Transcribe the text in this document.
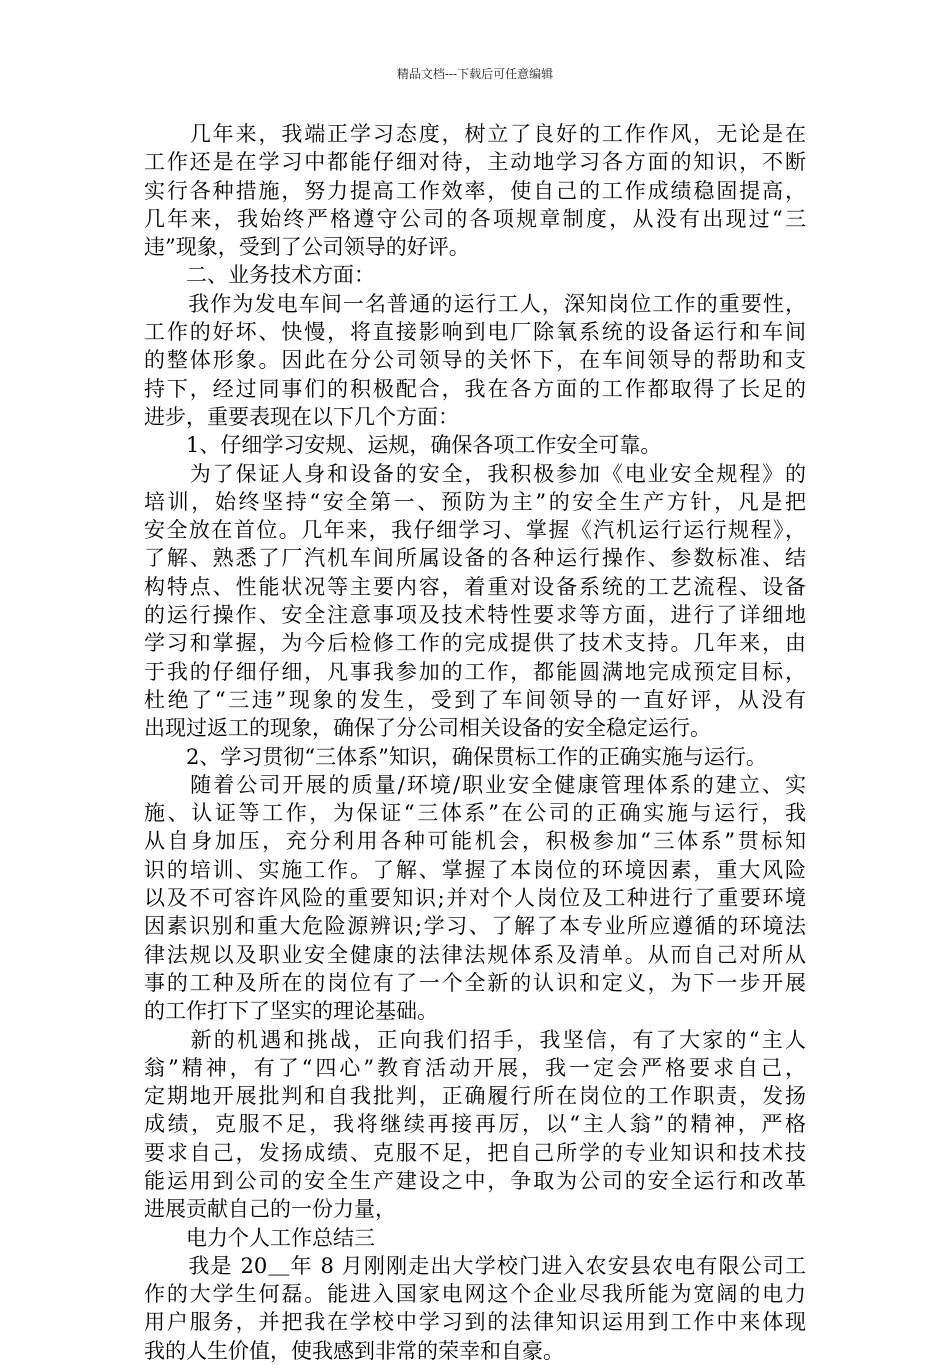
精品文档---下载后可任意编辑
　　几年来，我端正学习态度，树立了良好的工作作风，无论是在
工作还是在学习中都能仔细对待，主动地学习各方面的知识，不断
实行各种措施，努力提高工作效率，使自己的工作成绩稳固提高，
几年来，我始终严格遵守公司的各项规章制度，从没有出现过“三
违”现象，受到了公司领导的好评。
　　二、业务技术方面：
　　我作为发电车间一名普通的运行工人，深知岗位工作的重要性，
工作的好坏、快慢，将直接影响到电厂除氧系统的设备运行和车间
的整体形象。因此在分公司领导的关怀下，在车间领导的帮助和支
持下，经过同事们的积极配合，我在各方面的工作都取得了长足的
进步，重要表现在以下几个方面：
　　1、仔细学习安规、运规，确保各项工作安全可靠。
　　为了保证人身和设备的安全，我积极参加《电业安全规程》的
培训，始终坚持“安全第一、预防为主”的安全生产方针，凡是把
安全放在首位。几年来，我仔细学习、掌握《汽机运行运行规程》，
了解、熟悉了厂汽机车间所属设备的各种运行操作、参数标准、结
构特点、性能状况等主要内容，着重对设备系统的工艺流程、设备
的运行操作、安全注意事项及技术特性要求等方面，进行了详细地
学习和掌握，为今后检修工作的完成提供了技术支持。几年来，由
于我的仔细仔细，凡事我参加的工作，都能圆满地完成预定目标，
杜绝了“三违”现象的发生，受到了车间领导的一直好评，从没有
出现过返工的现象，确保了分公司相关设备的安全稳定运行。
　　2、学习贯彻“三体系”知识，确保贯标工作的正确实施与运行。
　　随着公司开展的质量/环境/职业安全健康管理体系的建立、实
施、认证等工作，为保证“三体系”在公司的正确实施与运行，我
从自身加压，充分利用各种可能机会，积极参加“三体系”贯标知
识的培训、实施工作。了解、掌握了本岗位的环境因素，重大风险
以及不可容许风险的重要知识;并对个人岗位及工种进行了重要环境
因素识别和重大危险源辨识;学习、了解了本专业所应遵循的环境法
律法规以及职业安全健康的法律法规体系及清单。从而自己对所从
事的工种及所在的岗位有了一个全新的认识和定义，为下一步开展
的工作打下了坚实的理论基础。
　　新的机遇和挑战，正向我们招手，我坚信，有了大家的“主人
翁”精神，有了“四心”教育活动开展，我一定会严格要求自己，
定期地开展批判和自我批判，正确履行所在岗位的工作职责，发扬
成绩，克服不足，我将继续再接再厉，以“主人翁”的精神，严格
要求自己，发扬成绩、克服不足，把自己所学的专业知识和技术技
能运用到公司的安全生产建设之中，争取为公司的安全运行和改革
进展贡献自己的一份力量，
　　电力个人工作总结三
　　我是 20＿年 8 月刚刚走出大学校门进入农安县农电有限公司工
作的大学生何磊。能进入国家电网这个企业尽我所能为宽阔的电力
用户服务，并把我在学校中学习到的法律知识运用到工作中来体现
我的人生价值，使我感到非常的荣幸和自豪。
